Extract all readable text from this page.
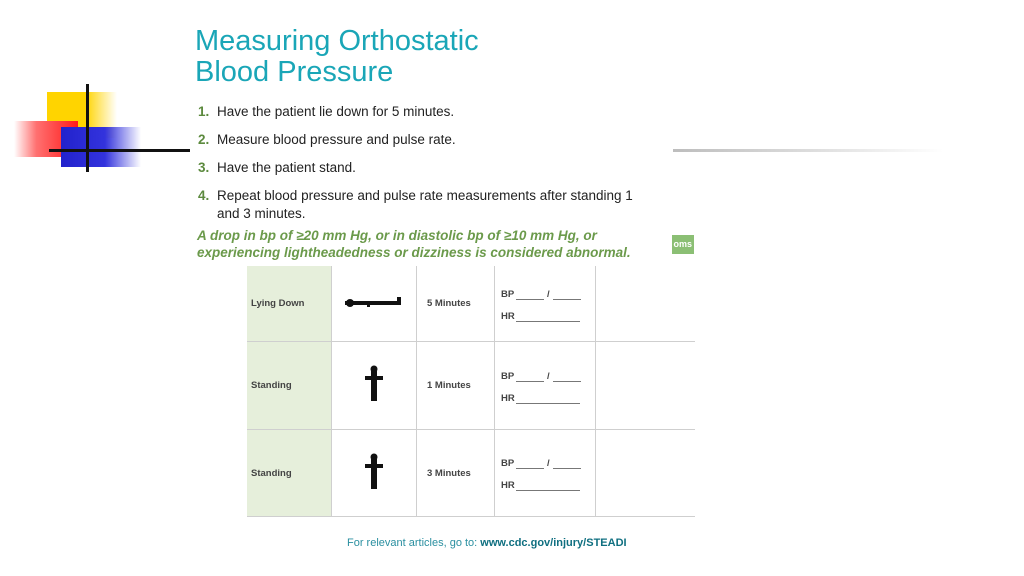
Measuring Orthostatic
Blood Pressure
1. Have the patient lie down for 5 minutes.
2. Measure blood pressure and pulse rate.
3. Have the patient stand.
4. Repeat blood pressure and pulse rate measurements after standing 1 and 3 minutes.
A drop in bp of ≥20 mm Hg, or in diastolic bp of ≥10 mm Hg, or
experiencing lightheadedness or dizziness is considered abnormal.
oms
Lying Down		5 Minutes	BP /
HR	

Standing		1 Minutes	BP /
HR	

Standing		3 Minutes	BP /
HR	

For relevant articles, go to: www.cdc.gov/injury/STEADI
